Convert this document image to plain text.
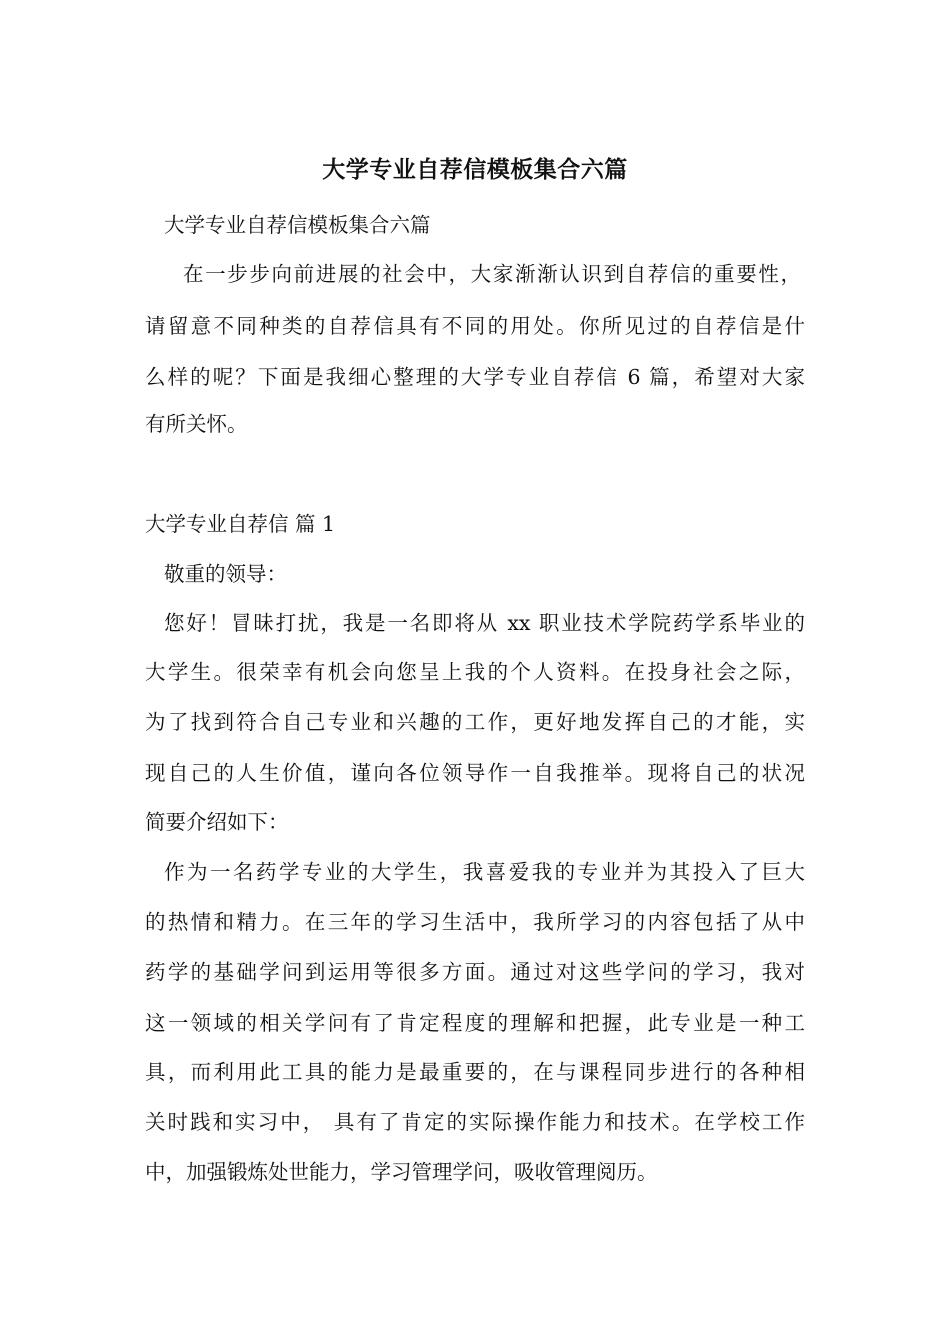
大学专业自荐信模板集合六篇
大学专业自荐信模板集合六篇
在一步步向前进展的社会中，大家渐渐认识到自荐信的重要性，
请留意不同种类的自荐信具有不同的用处。你所见过的自荐信是什
么样的呢？下面是我细心整理的大学专业自荐信 6 篇，希望对大家
有所关怀。
大学专业自荐信 篇 1
敬重的领导：
您好！冒昧打扰，我是一名即将从 xx 职业技术学院药学系毕业的
大学生。很荣幸有机会向您呈上我的个人资料。在投身社会之际，
为了找到符合自己专业和兴趣的工作，更好地发挥自己的才能，实
现自己的人生价值，谨向各位领导作一自我推举。现将自己的状况
简要介绍如下：
作为一名药学专业的大学生，我喜爱我的专业并为其投入了巨大
的热情和精力。在三年的学习生活中，我所学习的内容包括了从中
药学的基础学问到运用等很多方面。通过对这些学问的学习，我对
这一领域的相关学问有了肯定程度的理解和把握，此专业是一种工
具，而利用此工具的能力是最重要的，在与课程同步进行的各种相
关时践和实习中， 具有了肯定的实际操作能力和技术。在学校工作
中，加强锻炼处世能力，学习管理学问，吸收管理阅历。
